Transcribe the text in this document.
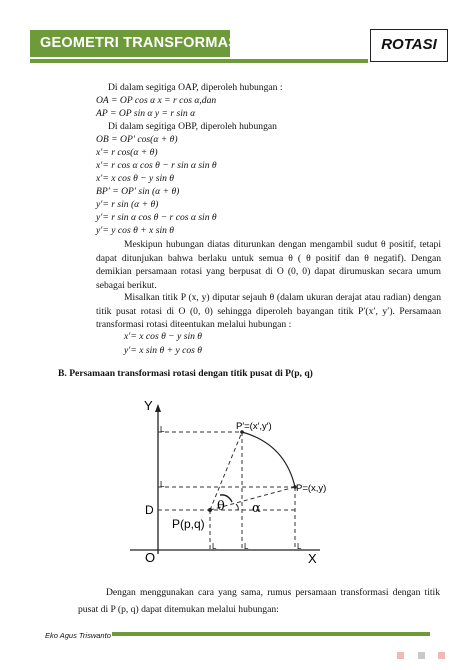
GEOMETRI TRANSFORMASI	ROTASI
Di dalam segitiga OAP, diperoleh hubungan :
OA = OP cos α x = r cos α,dan
AP = OP sin α y = r sin α
Di dalam segitiga OBP, diperoleh hubungan
OB = OP′ cos(α + θ)
x′= r cos(α + θ)
x′= r cos α cos θ − r sin α sin θ
x′= x cos θ − y sin θ
BP′ = OP′ sin (α + θ)
y′= r sin (α + θ)
y′= r sin α cos θ − r cos α sin θ
y′= y cos θ + x sin θ
Meskipun hubungan diatas diturunkan dengan mengambil sudut θ positif, tetapi dapat ditunjukan bahwa berlaku untuk semua θ ( θ positif dan θ negatif). Dengan demikian persamaan rotasi yang berpusat di O (0, 0) dapat dirumuskan secara umum sebagai berikut.
Misalkan titik P (x, y) diputar sejauh θ (dalam ukuran derajat atau radian) dengan titik pusat rotasi di O (0, 0) sehingga diperoleh bayangan titik P′(x′, y′). Persamaan transformasi rotasi diteentukan melalui hubungan :
x′= x cos θ − y sin θ
y′= x sin θ + y cos θ
B. Persamaan transformasi rotasi dengan titik pusat di P(p, q)
L
L
L	L	L
Y
X
O
D
P′=(x′,y′)
P=(x,y)
P(p,q)
θ α
Dengan menggunakan cara yang sama, rumus persamaan transformasi dengan titik pusat di P (p, q) dapat ditemukan melalui hubungan:
Eko Agus Triswanto
